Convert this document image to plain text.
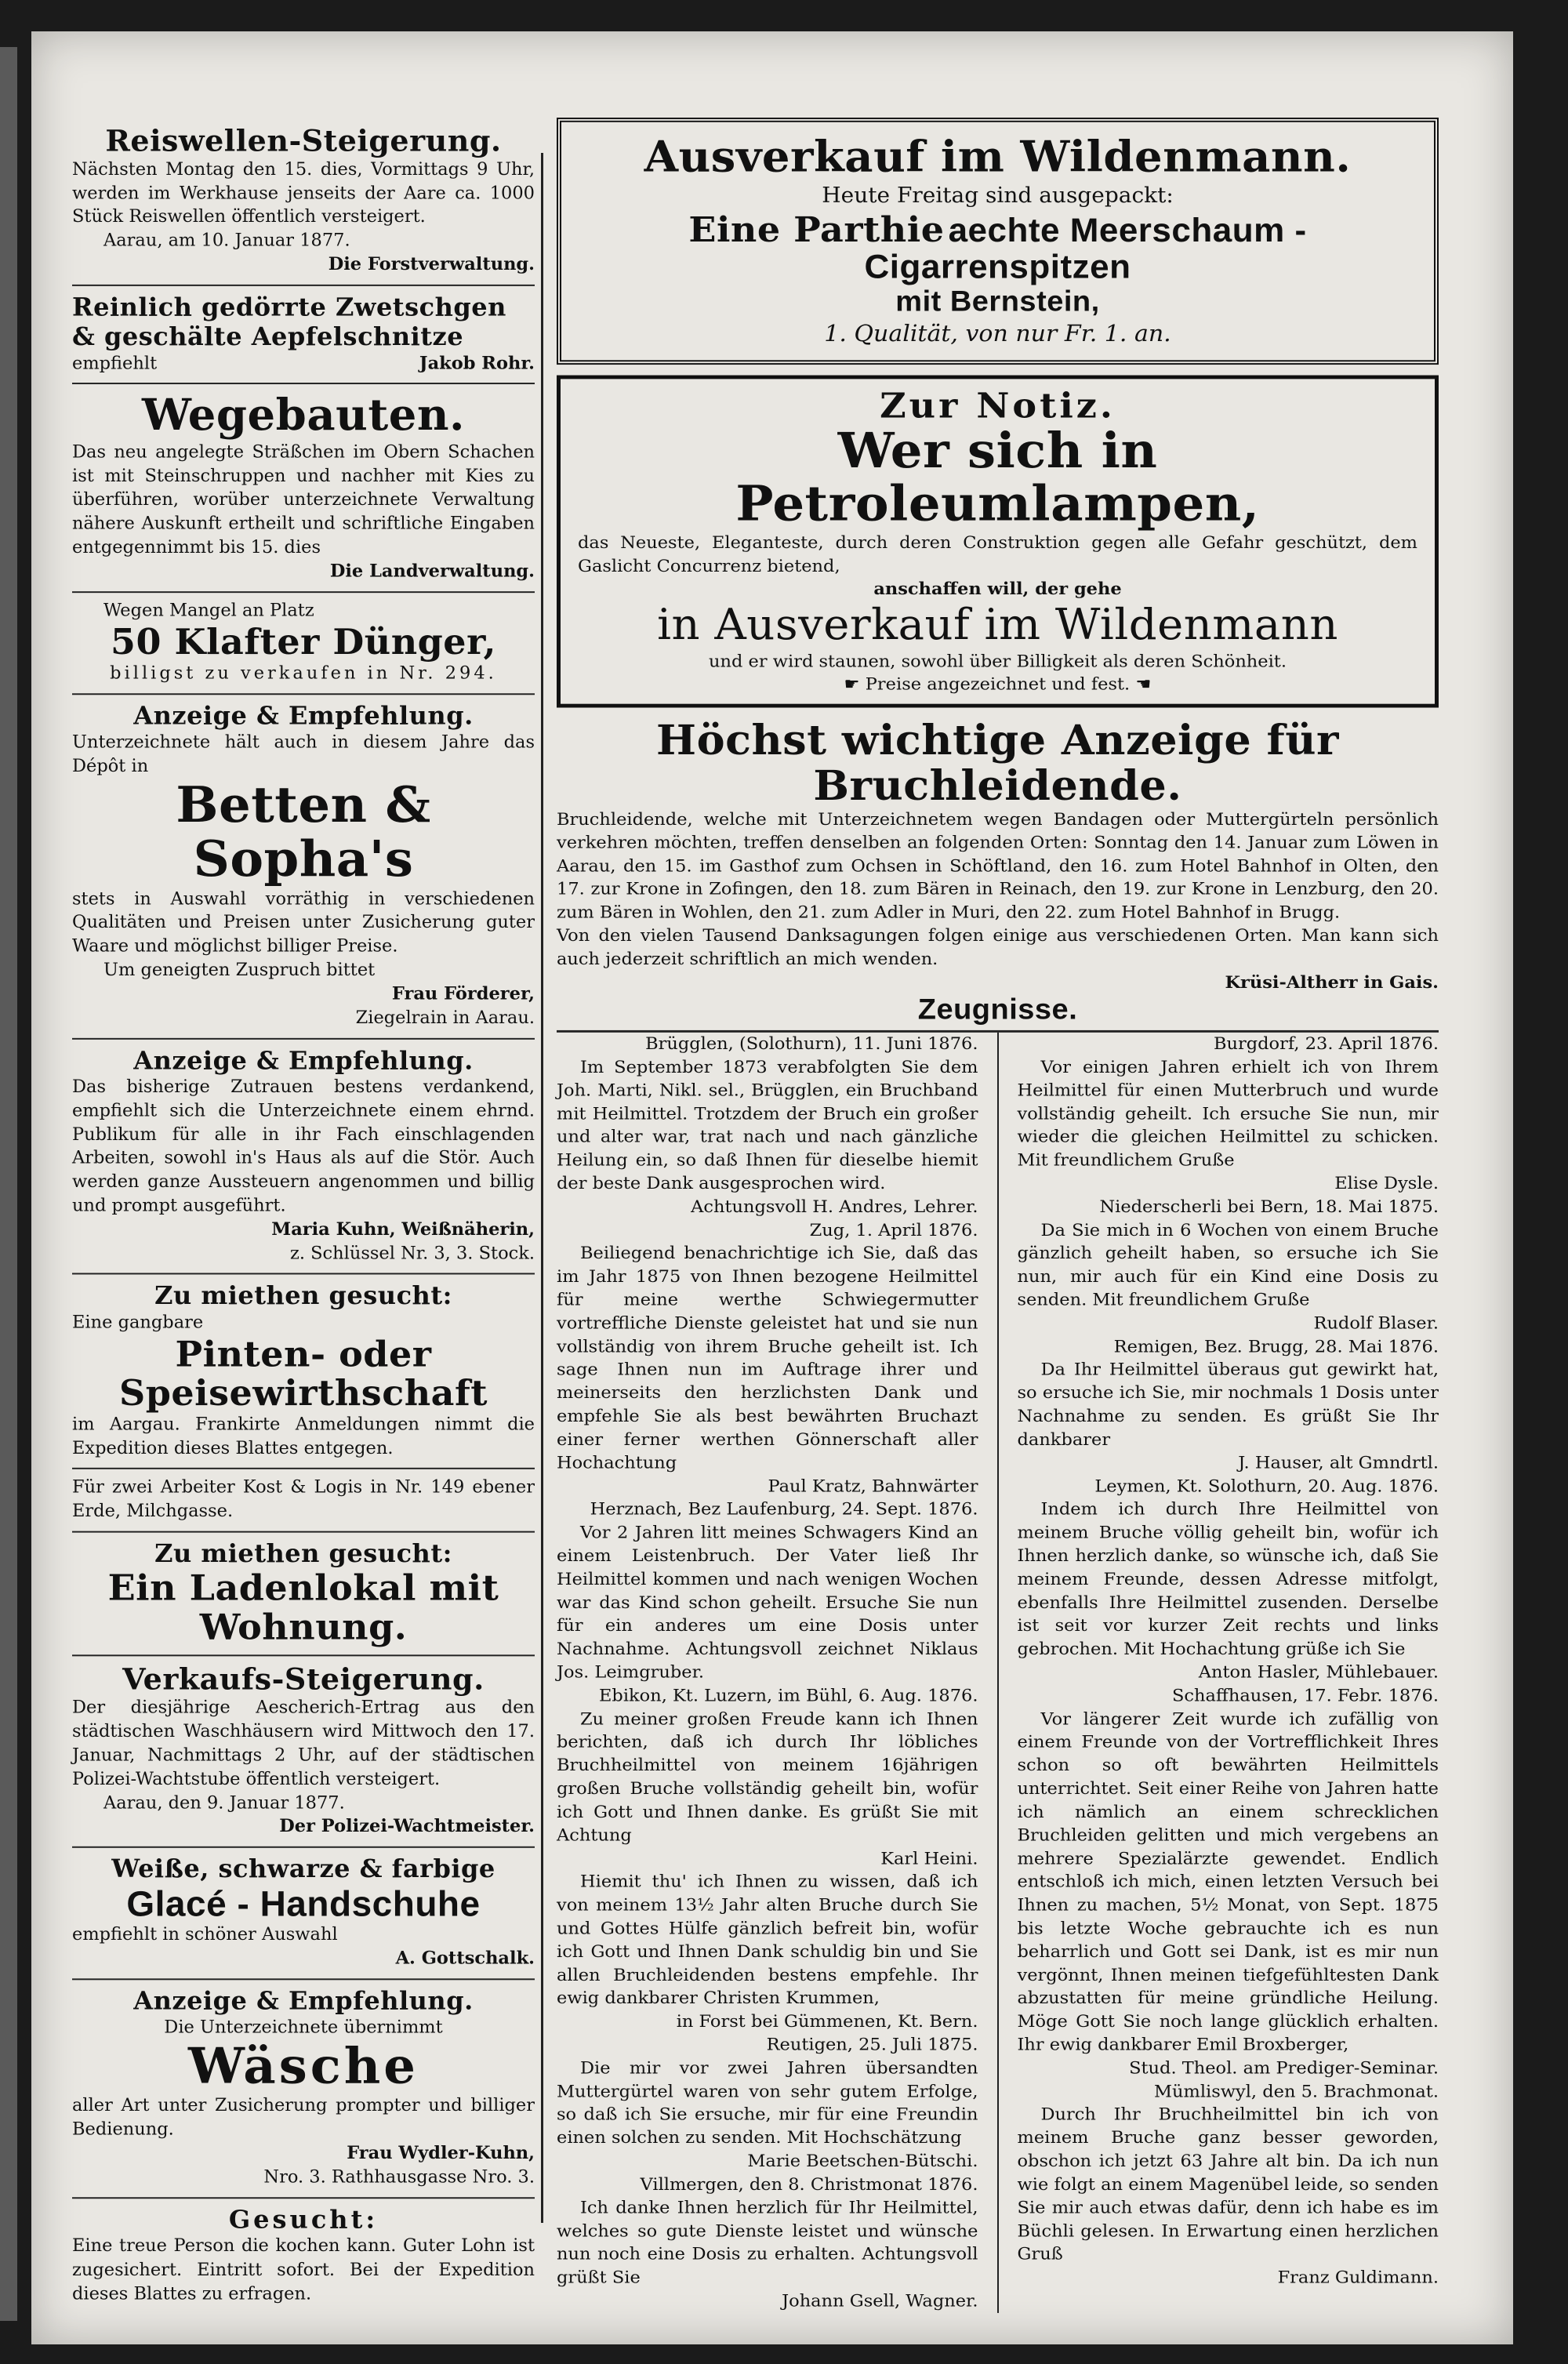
Reiswellen-Steigerung.
Nächsten Montag den 15. dies, Vormittags 9 Uhr, werden im Werkhause jenseits der Aare ca. 1000 Stück Reiswellen öffentlich versteigert.
Aarau, am 10. Januar 1877.
Die Forstverwaltung.
Reinlich gedörrte Zwetschgen
& geschälte Aepfelschnitze
empfiehlt	Jakob Rohr.
Wegebauten.
Das neu angelegte Sträßchen im Obern Schachen ist mit Steinschruppen und nachher mit Kies zu überführen, worüber unterzeichnete Verwaltung nähere Auskunft ertheilt und schriftliche Eingaben entgegennimmt bis 15. dies
Die Landverwaltung.
Wegen Mangel an Platz
50 Klafter Dünger,
billigst zu verkaufen in Nr. 294.
Anzeige & Empfehlung.
Unterzeichnete hält auch in diesem Jahre das Dépôt in
Betten & Sopha's
stets in Auswahl vorräthig in verschiedenen Qualitäten und Preisen unter Zusicherung guter Waare und möglichst billiger Preise.
Um geneigten Zuspruch bittet
Frau Förderer,
Ziegelrain in Aarau.
Anzeige & Empfehlung.
Das bisherige Zutrauen bestens verdankend, empfiehlt sich die Unterzeichnete einem ehrnd. Publikum für alle in ihr Fach einschlagenden Arbeiten, sowohl in's Haus als auf die Stör. Auch werden ganze Aussteuern angenommen und billig und prompt ausgeführt.
Maria Kuhn, Weißnäherin,
z. Schlüssel Nr. 3, 3. Stock.
Zu miethen gesucht:
Eine gangbare
Pinten- oder Speisewirthschaft
im Aargau. Frankirte Anmeldungen nimmt die Expedition dieses Blattes entgegen.
Für zwei Arbeiter Kost & Logis in Nr. 149 ebener Erde, Milchgasse.
Zu miethen gesucht:
Ein Ladenlokal mit Wohnung.
Verkaufs-Steigerung.
Der diesjährige Aescherich-Ertrag aus den städtischen Waschhäusern wird Mittwoch den 17. Januar, Nachmittags 2 Uhr, auf der städtischen Polizei-Wachtstube öffentlich versteigert.
Aarau, den 9. Januar 1877.
Der Polizei-Wachtmeister.
Weiße, schwarze & farbige
Glacé - Handschuhe
empfiehlt in schöner Auswahl
A. Gottschalk.
Anzeige & Empfehlung.
Die Unterzeichnete übernimmt
Wäsche
aller Art unter Zusicherung prompter und billiger Bedienung.
Frau Wydler-Kuhn,
Nro. 3. Rathhausgasse Nro. 3.
Gesucht:
Eine treue Person die kochen kann. Guter Lohn ist zugesichert. Eintritt sofort. Bei der Expedition dieses Blattes zu erfragen.
Ausverkauf im Wildenmann.
Heute Freitag sind ausgepackt:
Eine Parthie aechte Meerschaum - Cigarrenspitzen
mit Bernstein,
1. Qualität, von nur Fr. 1. an.
Zur Notiz.
Wer sich in Petroleumlampen,
das Neueste, Eleganteste, durch deren Construktion gegen alle Gefahr geschützt, dem Gaslicht Concurrenz bietend,
anschaffen will, der gehe
in Ausverkauf im Wildenmann
und er wird staunen, sowohl über Billigkeit als deren Schönheit.
☛ Preise angezeichnet und fest. ☚
Höchst wichtige Anzeige für Bruchleidende.
Bruchleidende, welche mit Unterzeichnetem wegen Bandagen oder Muttergürteln persönlich verkehren möchten, treffen denselben an folgenden Orten: Sonntag den 14. Januar zum Löwen in Aarau, den 15. im Gasthof zum Ochsen in Schöftland, den 16. zum Hotel Bahnhof in Olten, den 17. zur Krone in Zofingen, den 18. zum Bären in Reinach, den 19. zur Krone in Lenzburg, den 20. zum Bären in Wohlen, den 21. zum Adler in Muri, den 22. zum Hotel Bahnhof in Brugg.
Von den vielen Tausend Danksagungen folgen einige aus verschiedenen Orten. Man kann sich auch jederzeit schriftlich an mich wenden.
Krüsi-Altherr in Gais.
Zeugnisse.
Brügglen, (Solothurn), 11. Juni 1876.
Im September 1873 verabfolgten Sie dem Joh. Marti, Nikl. sel., Brügglen, ein Bruchband mit Heilmittel. Trotzdem der Bruch ein großer und alter war, trat nach und nach gänzliche Heilung ein, so daß Ihnen für dieselbe hiemit der beste Dank ausgesprochen wird.
Achtungsvoll H. Andres, Lehrer.
Zug, 1. April 1876.
Beiliegend benachrichtige ich Sie, daß das im Jahr 1875 von Ihnen bezogene Heilmittel für meine werthe Schwiegermutter vortreffliche Dienste geleistet hat und sie nun vollständig von ihrem Bruche geheilt ist. Ich sage Ihnen nun im Auftrage ihrer und meinerseits den herzlichsten Dank und empfehle Sie als best bewährten Bruchazt einer ferner werthen Gönnerschaft aller Hochachtung
Paul Kratz, Bahnwärter
Herznach, Bez Laufenburg, 24. Sept. 1876.
Vor 2 Jahren litt meines Schwagers Kind an einem Leistenbruch. Der Vater ließ Ihr Heilmittel kommen und nach wenigen Wochen war das Kind schon geheilt. Ersuche Sie nun für ein anderes um eine Dosis unter Nachnahme. Achtungsvoll zeichnet Niklaus Jos. Leimgruber.
Ebikon, Kt. Luzern, im Bühl, 6. Aug. 1876.
Zu meiner großen Freude kann ich Ihnen berichten, daß ich durch Ihr löbliches Bruchheilmittel von meinem 16jährigen großen Bruche vollständig geheilt bin, wofür ich Gott und Ihnen danke. Es grüßt Sie mit Achtung
Karl Heini.
Hiemit thu' ich Ihnen zu wissen, daß ich von meinem 13½ Jahr alten Bruche durch Sie und Gottes Hülfe gänzlich befreit bin, wofür ich Gott und Ihnen Dank schuldig bin und Sie allen Bruchleidenden bestens empfehle. Ihr ewig dankbarer Christen Krummen,
in Forst bei Gümmenen, Kt. Bern.
Reutigen, 25. Juli 1875.
Die mir vor zwei Jahren übersandten Muttergürtel waren von sehr gutem Erfolge, so daß ich Sie ersuche, mir für eine Freundin einen solchen zu senden. Mit Hochschätzung
Marie Beetschen-Bütschi.
Villmergen, den 8. Christmonat 1876.
Ich danke Ihnen herzlich für Ihr Heilmittel, welches so gute Dienste leistet und wünsche nun noch eine Dosis zu erhalten. Achtungsvoll grüßt Sie
Johann Gsell, Wagner.
Burgdorf, 23. April 1876.
Vor einigen Jahren erhielt ich von Ihrem Heilmittel für einen Mutterbruch und wurde vollständig geheilt. Ich ersuche Sie nun, mir wieder die gleichen Heilmittel zu schicken. Mit freundlichem Gruße
Elise Dysle.
Niederscherli bei Bern, 18. Mai 1875.
Da Sie mich in 6 Wochen von einem Bruche gänzlich geheilt haben, so ersuche ich Sie nun, mir auch für ein Kind eine Dosis zu senden. Mit freundlichem Gruße
Rudolf Blaser.
Remigen, Bez. Brugg, 28. Mai 1876.
Da Ihr Heilmittel überaus gut gewirkt hat, so ersuche ich Sie, mir nochmals 1 Dosis unter Nachnahme zu senden. Es grüßt Sie Ihr dankbarer
J. Hauser, alt Gmndrtl.
Leymen, Kt. Solothurn, 20. Aug. 1876.
Indem ich durch Ihre Heilmittel von meinem Bruche völlig geheilt bin, wofür ich Ihnen herzlich danke, so wünsche ich, daß Sie meinem Freunde, dessen Adresse mitfolgt, ebenfalls Ihre Heilmittel zusenden. Derselbe ist seit vor kurzer Zeit rechts und links gebrochen. Mit Hochachtung grüße ich Sie
Anton Hasler, Mühlebauer.
Schaffhausen, 17. Febr. 1876.
Vor längerer Zeit wurde ich zufällig von einem Freunde von der Vortrefflichkeit Ihres schon so oft bewährten Heilmittels unterrichtet. Seit einer Reihe von Jahren hatte ich nämlich an einem schrecklichen Bruchleiden gelitten und mich vergebens an mehrere Spezialärzte gewendet. Endlich entschloß ich mich, einen letzten Versuch bei Ihnen zu machen, 5½ Monat, von Sept. 1875 bis letzte Woche gebrauchte ich es nun beharrlich und Gott sei Dank, ist es mir nun vergönnt, Ihnen meinen tiefgefühltesten Dank abzustatten für meine gründliche Heilung. Möge Gott Sie noch lange glücklich erhalten. Ihr ewig dankbarer Emil Broxberger,
Stud. Theol. am Prediger-Seminar.
Mümliswyl, den 5. Brachmonat.
Durch Ihr Bruchheilmittel bin ich von meinem Bruche ganz besser geworden, obschon ich jetzt 63 Jahre alt bin. Da ich nun wie folgt an einem Magenübel leide, so senden Sie mir auch etwas dafür, denn ich habe es im Büchli gelesen. In Erwartung einen herzlichen Gruß
Franz Guldimann.
